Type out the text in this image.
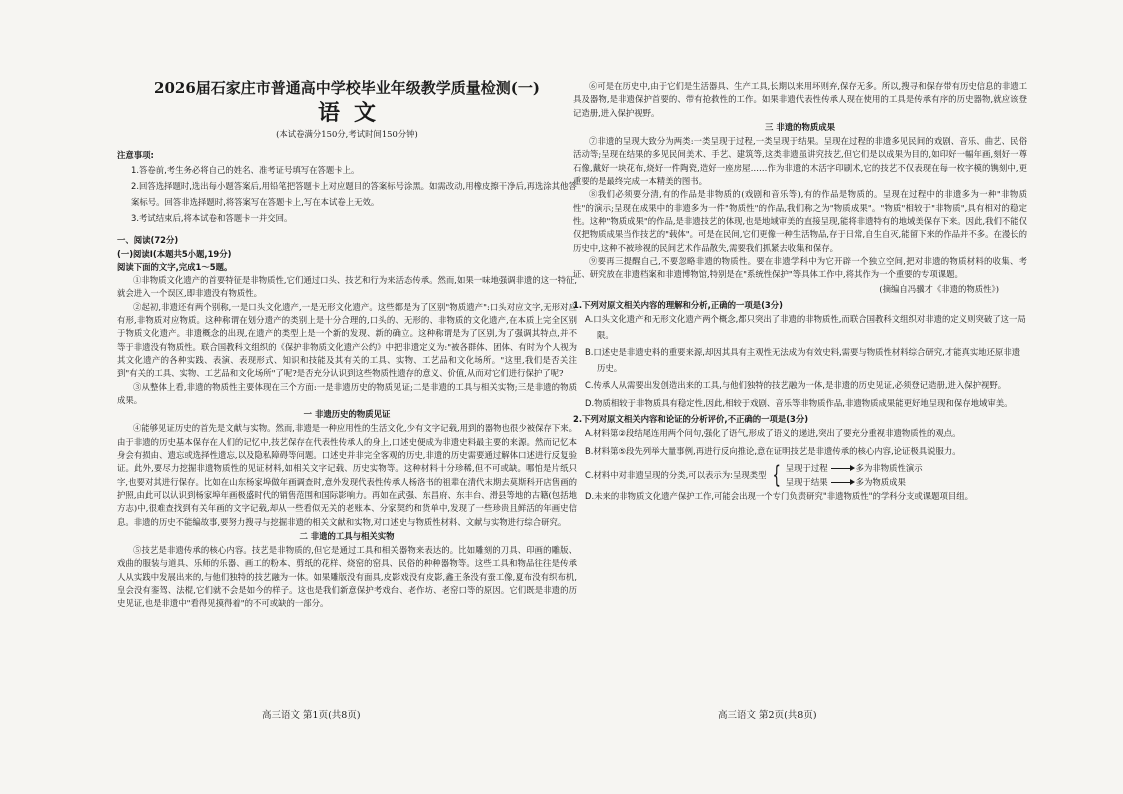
2026届石家庄市普通高中学校毕业年级教学质量检测(一)
语文
(本试卷满分150分,考试时间150分钟)
注意事项:
1.答卷前,考生务必将自己的姓名、准考证号填写在答题卡上。
2.回答选择题时,选出每小题答案后,用铅笔把答题卡上对应题目的答案标号涂黑。如需改动,用橡皮擦干净后,再选涂其他答案标号。回答非选择题时,将答案写在答题卡上,写在本试卷上无效。
3.考试结束后,将本试卷和答题卡一并交回。
一、阅读(72分)
(一)阅读Ⅰ(本题共5小题,19分)
阅读下面的文字,完成1～5题。

①非物质文化遗产的首要特征是非物质性,它们通过口头、技艺和行为来活态传承。然而,如果一味地强调非遗的这一特征,就会进入一个误区,即非遗没有物质性。

②起初,非遗还有两个别称,一是口头文化遗产,一是无形文化遗产。这些都是为了区别"物质遗产":口头对应文字,无形对应有形,非物质对应物质。这种称谓在划分遗产的类别上是十分合理的,口头的、无形的、非物质的文化遗产,在本质上完全区别于物质文化遗产。非遗概念的出现,在遗产的类型上是一个新的发现、新的确立。这种称谓是为了区别,为了强调其特点,并不等于非遗没有物质性。联合国教科文组织的《保护非物质文化遗产公约》中把非遗定义为:"被各群体、团体、有时为个人视为其文化遗产的各种实践、表演、表现形式、知识和技能及其有关的工具、实物、工艺品和文化场所。"这里,我们是否关注到"有关的工具、实物、工艺品和文化场所"了呢?是否充分认识到这些物质性遗存的意义、价值,从而对它们进行保护了呢?

③从整体上看,非遗的物质性主要体现在三个方面:一是非遗历史的物质见证;二是非遗的工具与相关实物;三是非遗的物质成果。

一 非遗历史的物质见证

④能够见证历史的首先是文献与实物。然而,非遗是一种应用性的生活文化,少有文字记载,用到的器物也很少被保存下来。由于非遗的历史基本保存在人们的记忆中,技艺保存在代表性传承人的身上,口述史便成为非遗史料最主要的来源。然而记忆本身会有损由、遗忘或选择性遗忘,以及隐私障碍等问题。口述史并非完全客观的历史,非遗的历史需要通过解体口述进行反复验证。此外,要尽力挖掘非遗物质性的见证材料,如相关文字记载、历史实物等。这种材料十分珍稀,但不可或缺。哪怕是片纸只字,也要对其进行保存。比如在山东杨家埠做年画调查时,意外发现代表性传承人杨洛书的祖辈在清代末期去莫斯科开店售画的护照,由此可以认识到杨家埠年画极盛时代的销售范围和国际影响力。再如在武强、东昌府、东丰台、滑县等地的古籍(包括地方志)中,很难查找到有关年画的文字记载,却从一些看似无关的老账本、分家契约和货单中,发现了一些珍贵且鲜活的年画史信息。非遗的历史不能编故事,要努力搜寻与挖掘非遗的相关文献和实物,对口述史与物质性材料、文献与实物进行综合研究。

二 非遗的工具与相关实物

⑤技艺是非遗传承的核心内容。技艺是非物质的,但它是通过工具和相关器物来表达的。比如雕刻的刀具、印画的雕版、戏曲的服装与道具、乐师的乐器、画工的粉本、剪纸的花样、烧窑的窑具、民俗的种种器物等。这些工具和物品往往是传承人从实践中发展出来的,与他们独特的技艺融为一体。如果雕版没有面具,皮影戏没有皮影,鑫王条没有蚕工像,夏布没有织布机,皇会没有銮驾、法棍,它们就不会是如今的样子。这也是我们新意保护考戏台、老作坊、老窑口等的原因。它们既是非遗的历史见证,也是非遗中"看得见摸得着"的不可或缺的一部分。

⑥可是在历史中,由于它们是生活器具、生产工具,长期以来用坏则弃,保存无多。所以,搜寻和保存带有历史信息的非遗工具及器物,是非遗保护首要的、带有抢救性的工作。如果非遗代表性传承人现在使用的工具是传承有序的历史器物,就应该登记造册,进入保护视野。

三 非遗的物质成果

⑦非遗的呈现大致分为两类:一类呈现于过程,一类呈现于结果。呈现在过程的非遗多见民间的戏剧、音乐、曲艺、民俗活动等;呈现在结果的多见民间美术、手艺、建筑等,这类非遗虽讲究技艺,但它们是以成果为目的,如印好一幅年画,刻好一尊石像,戴好一块花布,烧好一件陶瓷,造好一座房屋……作为非遗的木活字印刷术,它的技艺不仅表现在每一枚字模的镌刻中,更重要的是最终完成一本精美的图书。

⑧我们必须要分清,有的作品是非物质的(戏剧和音乐等),有的作品是物质的。呈现在过程中的非遗多为一种"非物质性"的演示;呈现在成果中的非遗多为一件"物质性"的作品,我们称之为"物质成果"。"物质"相较于"非物质",具有相对的稳定性。这种"物质成果"的作品,是非遗技艺的体现,也是地域审美的直接呈现,能将非遗特有的地域美保存下来。因此,我们不能仅仅把物质成果当作技艺的"载体"。可是在民间,它们更像一种生活物品,存于日常,自生自灭,能留下来的作品并不多。在漫长的历史中,这种不被珍视的民间艺术作品散失,需要我们抓紧去收集和保存。

⑨要再三提醒自己,不要忽略非遗的物质性。要在非遗学科中为它开辟一个独立空间,把对非遗的物质材料的收集、考证、研究放在非遗档案和非遗博物馆,特别是在"系统性保护"等具体工作中,将其作为一个重要的专项课题。

(摘编自冯骥才《非遗的物质性》)
1.下列对原文相关内容的理解和分析,正确的一项是(3分)
A.口头文化遗产和无形文化遗产两个概念,都只突出了非遗的非物质性,而联合国教科文组织对非遗的定义则突破了这一局限。
B.口述史是非遗史料的重要来源,却因其具有主观性无法成为有效史料,需要与物质性材料综合研究,才能真实地还原非遗历史。
C.传承人从需要出发创造出来的工具,与他们独特的技艺融为一体,是非遗的历史见证,必须登记造册,进入保护视野。
D.物质相较于非物质具有稳定性,因此,相较于戏剧、音乐等非物质作品,非遗物质成果能更好地呈现和保存地域审美。
2.下列对原文相关内容和论证的分析评价,不正确的一项是(3分)
A.材料第②段结尾连用两个问句,强化了语气,形成了语义的递进,突出了要充分重视非遗物质性的观点。
B.材料第⑤段先列举大量事例,再进行反向推论,意在证明技艺是非遗传承的核心内容,论证极具说服力。
C.材料中对非遗呈现的分类,可以表示为:呈现类型 { 呈现于过程	多为非物质性演示
呈现于结果	多为物质成果
D.未来的非物质文化遗产保护工作,可能会出现一个专门负责研究"非遗物质性"的学科分支或课题项目组。
高三语文 第1页(共8页)	高三语文 第2页(共8页)
